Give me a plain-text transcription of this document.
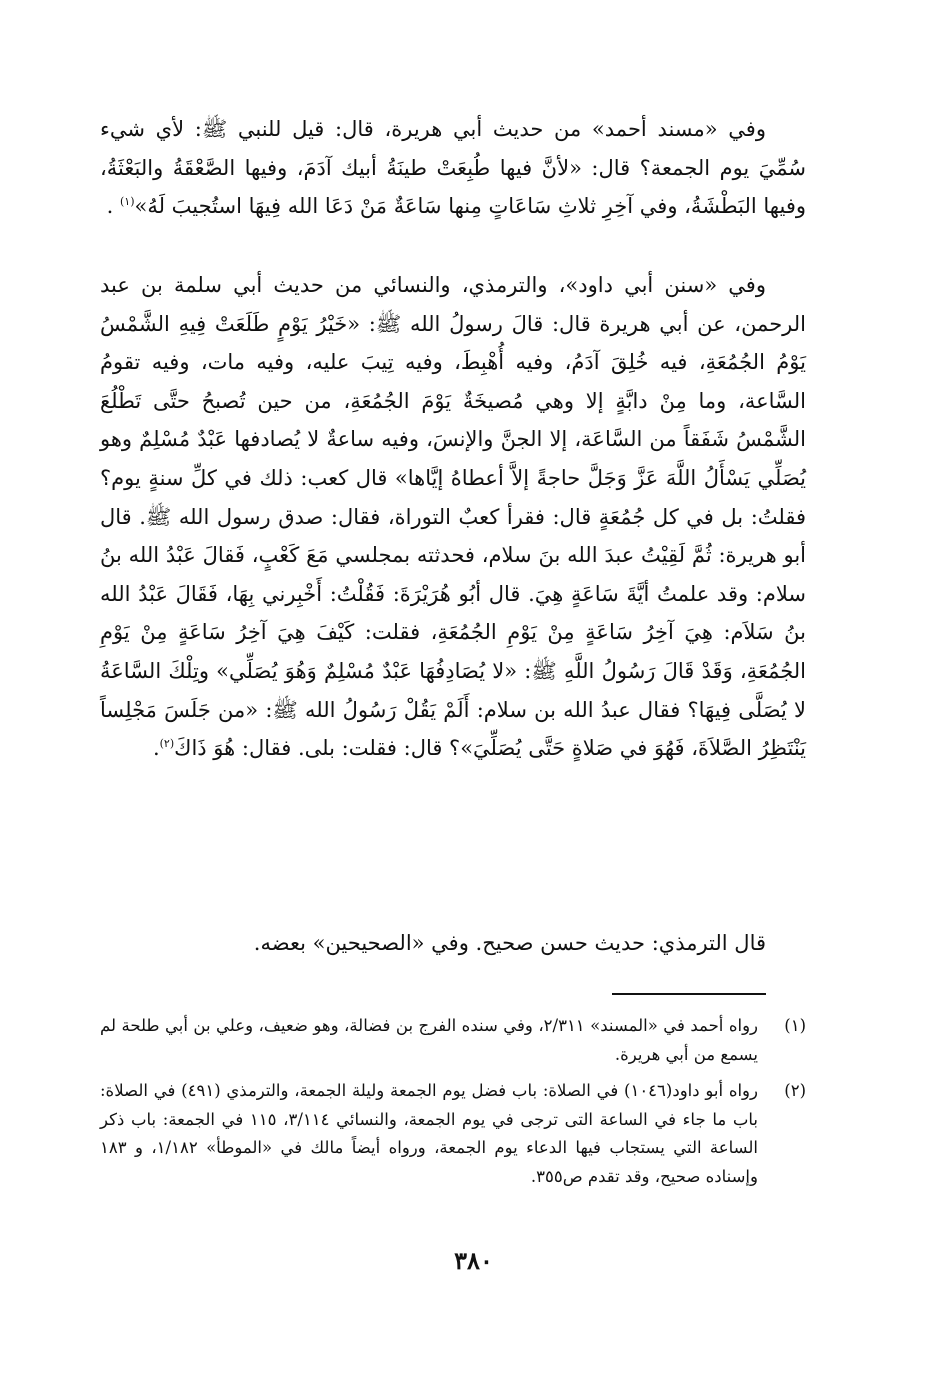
وفي «مسند أحمد» من حديث أبي هريرة، قال: قيل للنبي ﷺ: لأي شيء سُمِّيَ يوم الجمعة؟ قال: «لأنَّ فيها طُبِعَتْ طينَةُ أبيك آدَمَ، وفيها الصَّعْقَةُ والبَعْثَةُ، وفيها البَطْشَةُ، وفي آخِرِ ثلاثِ سَاعَاتٍ مِنها سَاعَةٌ مَنْ دَعَا الله فِيهَا استُجيبَ لَهُ»$^{(١)}$ .

وفي «سنن أبي داود»، والترمذي، والنسائي من حديث أبي سلمة بن عبد الرحمن، عن أبي هريرة قال: قالَ رسولُ الله ﷺ: «خَيْرُ يَوْمٍ طَلَعَتْ فِيهِ الشَّمْسُ يَوْمُ الجُمُعَةِ، فيه خُلِقَ آدَمُ، وفيه أُهْبِطَ، وفيه تِيبَ عليه، وفيه مات، وفيه تقومُ السَّاعة، وما مِنْ دابَّةٍ إلا وهي مُصيخَةٌ يَوْمَ الجُمُعَةِ، من حين تُصبحُ حتَّى تَطْلُعَ الشَّمْسُ شَفَقاً من السَّاعَة، إلا الجنَّ والإنسَ، وفيه ساعةٌ لا يُصادفها عَبْدٌ مُسْلِمٌ وهو يُصَلِّي يَسْأَلُ اللَّهَ عَزَّ وَجَلَّ حاجةً إلاَّ أعطاهُ إيَّاها» قال كعب: ذلك في كلِّ سنةٍ يوم؟ فقلتُ: بل في كل جُمُعَةٍ قال: فقرأ كعبٌ التوراة، فقال: صدق رسول الله ﷺ. قال أبو هريرة: ثُمَّ لَقِيْتُ عبدَ الله بنَ سلام، فحدثته بمجلسي مَعَ كَعْبٍ، فَقالَ عَبْدُ الله بنُ سلام: وقد علمتُ أيَّةَ سَاعَةٍ هِيَ. قال أبُو هُرَيْرَةَ: فَقُلْتُ: أَخْبِرني بِهَا، فَقَالَ عَبْدُ الله بنُ سَلاَم: هِيَ آخِرُ سَاعَةٍ مِنْ يَوْمِ الجُمُعَةِ، فقلت: كَيْفَ هِيَ آخِرُ سَاعَةٍ مِنْ يَوْمِ الجُمُعَةِ، وَقَدْ قَالَ رَسُولُ اللَّهِ ﷺ: «لا يُصَادِفُهَا عَبْدٌ مُسْلِمٌ وَهُوَ يُصَلِّي» وتِلْكَ السَّاعَةُ لا يُصَلَّى فِيهَا؟ فقال عبدُ الله بن سلام: أَلَمْ يَقُلْ رَسُولُ الله ﷺ: «من جَلَسَ مَجْلِساً يَنْتَظِرُ الصَّلاَةَ، فَهُوَ في صَلاةٍ حَتَّى يُصَلِّيَ»؟ قال: فقلت: بلى. فقال: هُوَ ذَاكَ$^{(٢)}$.

قال الترمذي: حديث حسن صحيح. وفي «الصحيحين» بعضه.

(١)
رواه أحمد في «المسند» ٢/٣١١، وفي سنده الفرج بن فضالة، وهو ضعيف، وعلي بن أبي طلحة لم يسمع من أبي هريرة.
(٢)
رواه أبو داود(١٠٤٦) في الصلاة: باب فضل يوم الجمعة وليلة الجمعة، والترمذي (٤٩١) في الصلاة: باب ما جاء في الساعة التى ترجى في يوم الجمعة، والنسائي ٣/١١٤، ١١٥ في الجمعة: باب ذكر الساعة التي يستجاب فيها الدعاء يوم الجمعة، ورواه أيضاً مالك في «الموطأ» ١/١٨٢، و ١٨٣ وإسناده صحيح، وقد تقدم ص٣٥٥.
٣٨٠
